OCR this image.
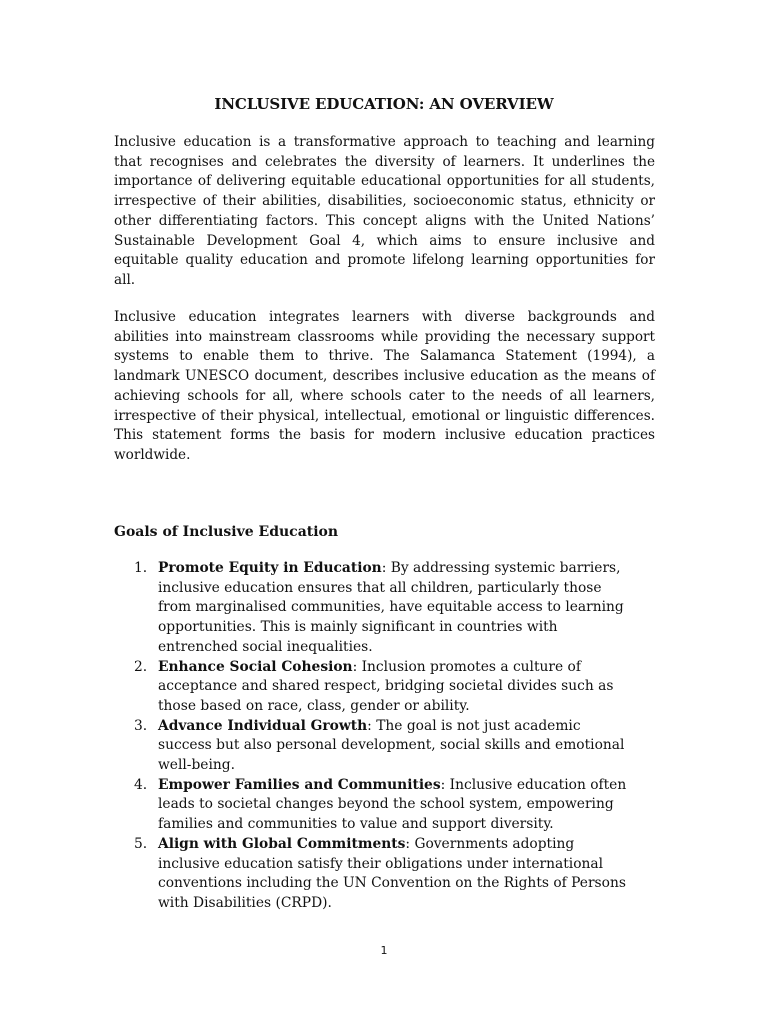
INCLUSIVE EDUCATION: AN OVERVIEW

Inclusive education is a transformative approach to teaching and learning that recognises and celebrates the diversity of learners. It underlines the importance of delivering equitable educational opportunities for all students, irrespective of their abilities, disabilities, socioeconomic status, ethnicity or other differentiating factors. This concept aligns with the United Nations’ Sustainable Development Goal 4, which aims to ensure inclusive and equitable quality education and promote lifelong learning opportunities for all.

Inclusive education integrates learners with diverse backgrounds and abilities into mainstream classrooms while providing the necessary support systems to enable them to thrive. The Salamanca Statement (1994), a landmark UNESCO document, describes inclusive education as the means of achieving schools for all, where schools cater to the needs of all learners, irrespective of their physical, intellectual, emotional or linguistic differences. This statement forms the basis for modern inclusive education practices worldwide.

Goals of Inclusive Education
1. Promote Equity in Education: By addressing systemic barriers, inclusive education ensures that all children, particularly those from marginalised communities, have equitable access to learning opportunities. This is mainly significant in countries with entrenched social inequalities.
2. Enhance Social Cohesion: Inclusion promotes a culture of acceptance and shared respect, bridging societal divides such as those based on race, class, gender or ability.
3. Advance Individual Growth: The goal is not just academic success but also personal development, social skills and emotional well-being.
4. Empower Families and Communities: Inclusive education often leads to societal changes beyond the school system, empowering families and communities to value and support diversity.
5. Align with Global Commitments: Governments adopting inclusive education satisfy their obligations under international conventions including the UN Convention on the Rights of Persons with Disabilities (CRPD).
1
